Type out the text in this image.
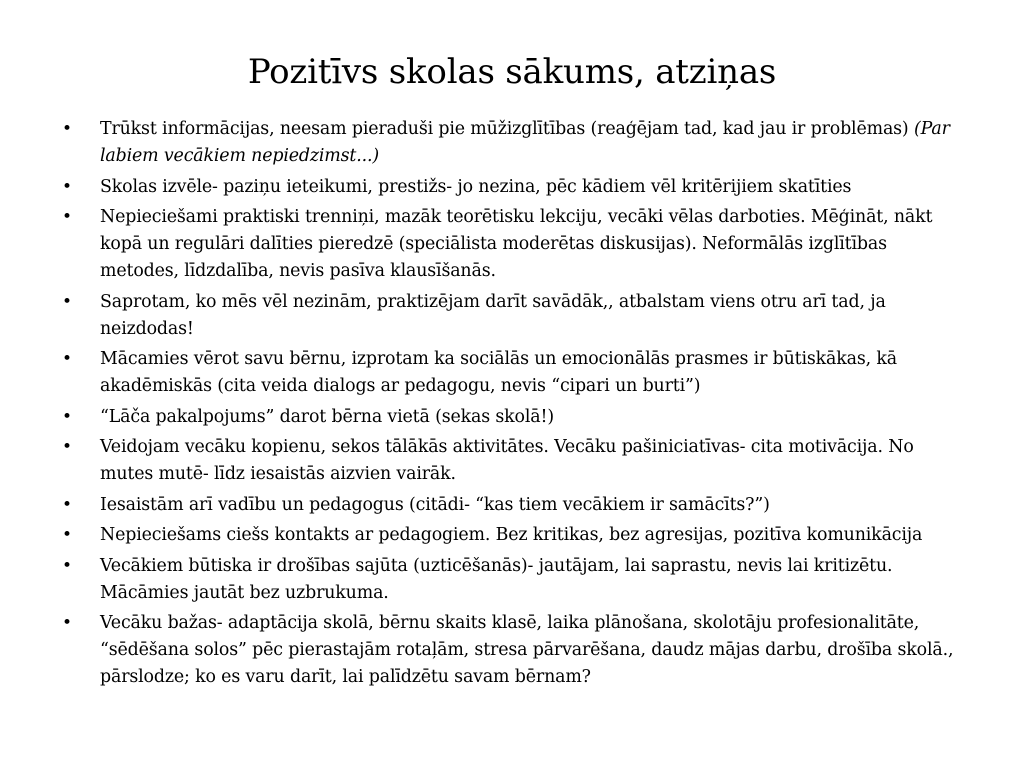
Pozitīvs skolas sākums, atziņas
•	Trūkst informācijas, neesam pieraduši pie mūžizglītības (reaģējam tad, kad jau ir problēmas) (Par labiem vecākiem nepiedzimst...)
•	Skolas izvēle- paziņu ieteikumi, prestižs- jo nezina, pēc kādiem vēl kritērijiem skatīties
•	Nepieciešami praktiski trenniņi, mazāk teorētisku lekciju, vecāki vēlas darboties. Mēģināt, nākt kopā un regulāri dalīties pieredzē (speciālista moderētas diskusijas). Neformālās izglītības metodes, līdzdalība, nevis pasīva klausīšanās.
•	Saprotam, ko mēs vēl nezinām, praktizējam darīt savādāk,, atbalstam viens otru arī tad, ja neizdodas!
•	Mācamies vērot savu bērnu, izprotam ka sociālās un emocionālās prasmes ir būtiskākas, kā akadēmiskās (cita veida dialogs ar pedagogu, nevis “cipari un burti”)
•	“Lāča pakalpojums” darot bērna vietā (sekas skolā!)
•	Veidojam vecāku kopienu, sekos tālākās aktivitātes. Vecāku pašiniciatīvas- cita motivācija. No mutes mutē- līdz iesaistās aizvien vairāk.
•	Iesaistām arī vadību un pedagogus (citādi- “kas tiem vecākiem ir samācīts?”)
•	Nepieciešams ciešs kontakts ar pedagogiem. Bez kritikas, bez agresijas, pozitīva komunikācija
•	Vecākiem būtiska ir drošības sajūta (uzticēšanās)- jautājam, lai saprastu, nevis lai kritizētu. Mācāmies jautāt bez uzbrukuma.
•	Vecāku bažas- adaptācija skolā, bērnu skaits klasē, laika plānošana, skolotāju profesionalitāte, “sēdēšana solos” pēc pierastajām rotaļām, stresa pārvarēšana, daudz mājas darbu, drošība skolā., pārslodze; ko es varu darīt, lai palīdzētu savam bērnam?
